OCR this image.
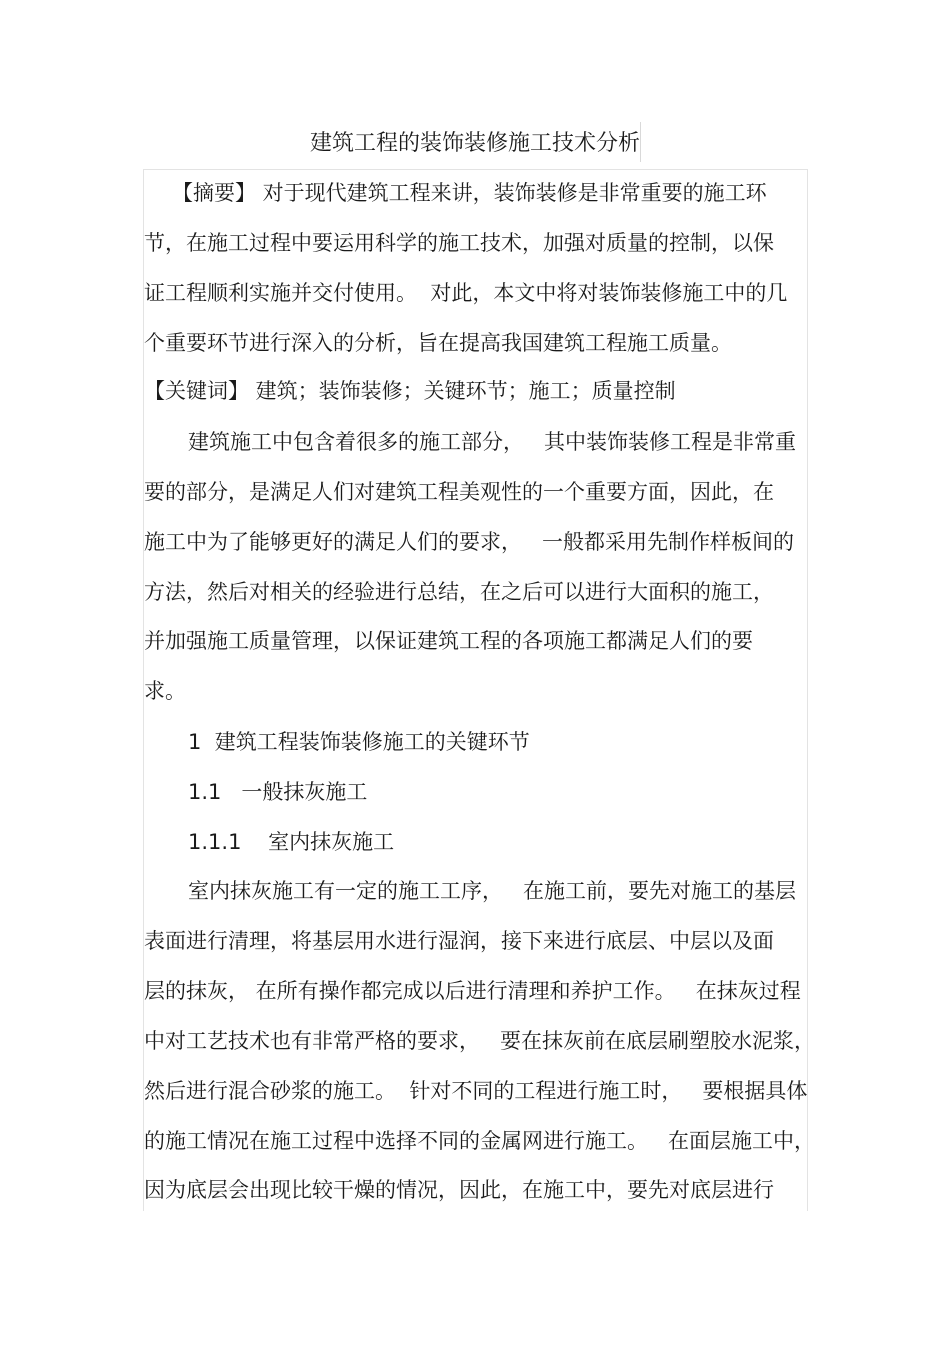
建筑工程的装饰装修施工技术分析
【摘要】 对于现代建筑工程来讲，装饰装修是非常重要的施工环
节，在施工过程中要运用科学的施工技术，加强对质量的控制，以保
证工程顺利实施并交付使用。  对此，本文中将对装饰装修施工中的几
个重要环节进行深入的分析，旨在提高我国建筑工程施工质量。
【关键词】 建筑；装饰装修；关键环节；施工；质量控制
建筑施工中包含着很多的施工部分，   其中装饰装修工程是非常重
要的部分，是满足人们对建筑工程美观性的一个重要方面，因此，在
施工中为了能够更好的满足人们的要求，   一般都采用先制作样板间的
方法，然后对相关的经验进行总结，在之后可以进行大面积的施工，
并加强施工质量管理，以保证建筑工程的各项施工都满足人们的要
求。
1  建筑工程装饰装修施工的关键环节
1.1   一般抹灰施工
1.1.1    室内抹灰施工
室内抹灰施工有一定的施工工序，   在施工前，要先对施工的基层
表面进行清理，将基层用水进行湿润，接下来进行底层、中层以及面
层的抹灰， 在所有操作都完成以后进行清理和养护工作。   在抹灰过程
中对工艺技术也有非常严格的要求，   要在抹灰前在底层刷塑胶水泥浆，
然后进行混合砂浆的施工。  针对不同的工程进行施工时，   要根据具体
的施工情况在施工过程中选择不同的金属网进行施工。   在面层施工中，
因为底层会出现比较干燥的情况，因此，在施工中，要先对底层进行
